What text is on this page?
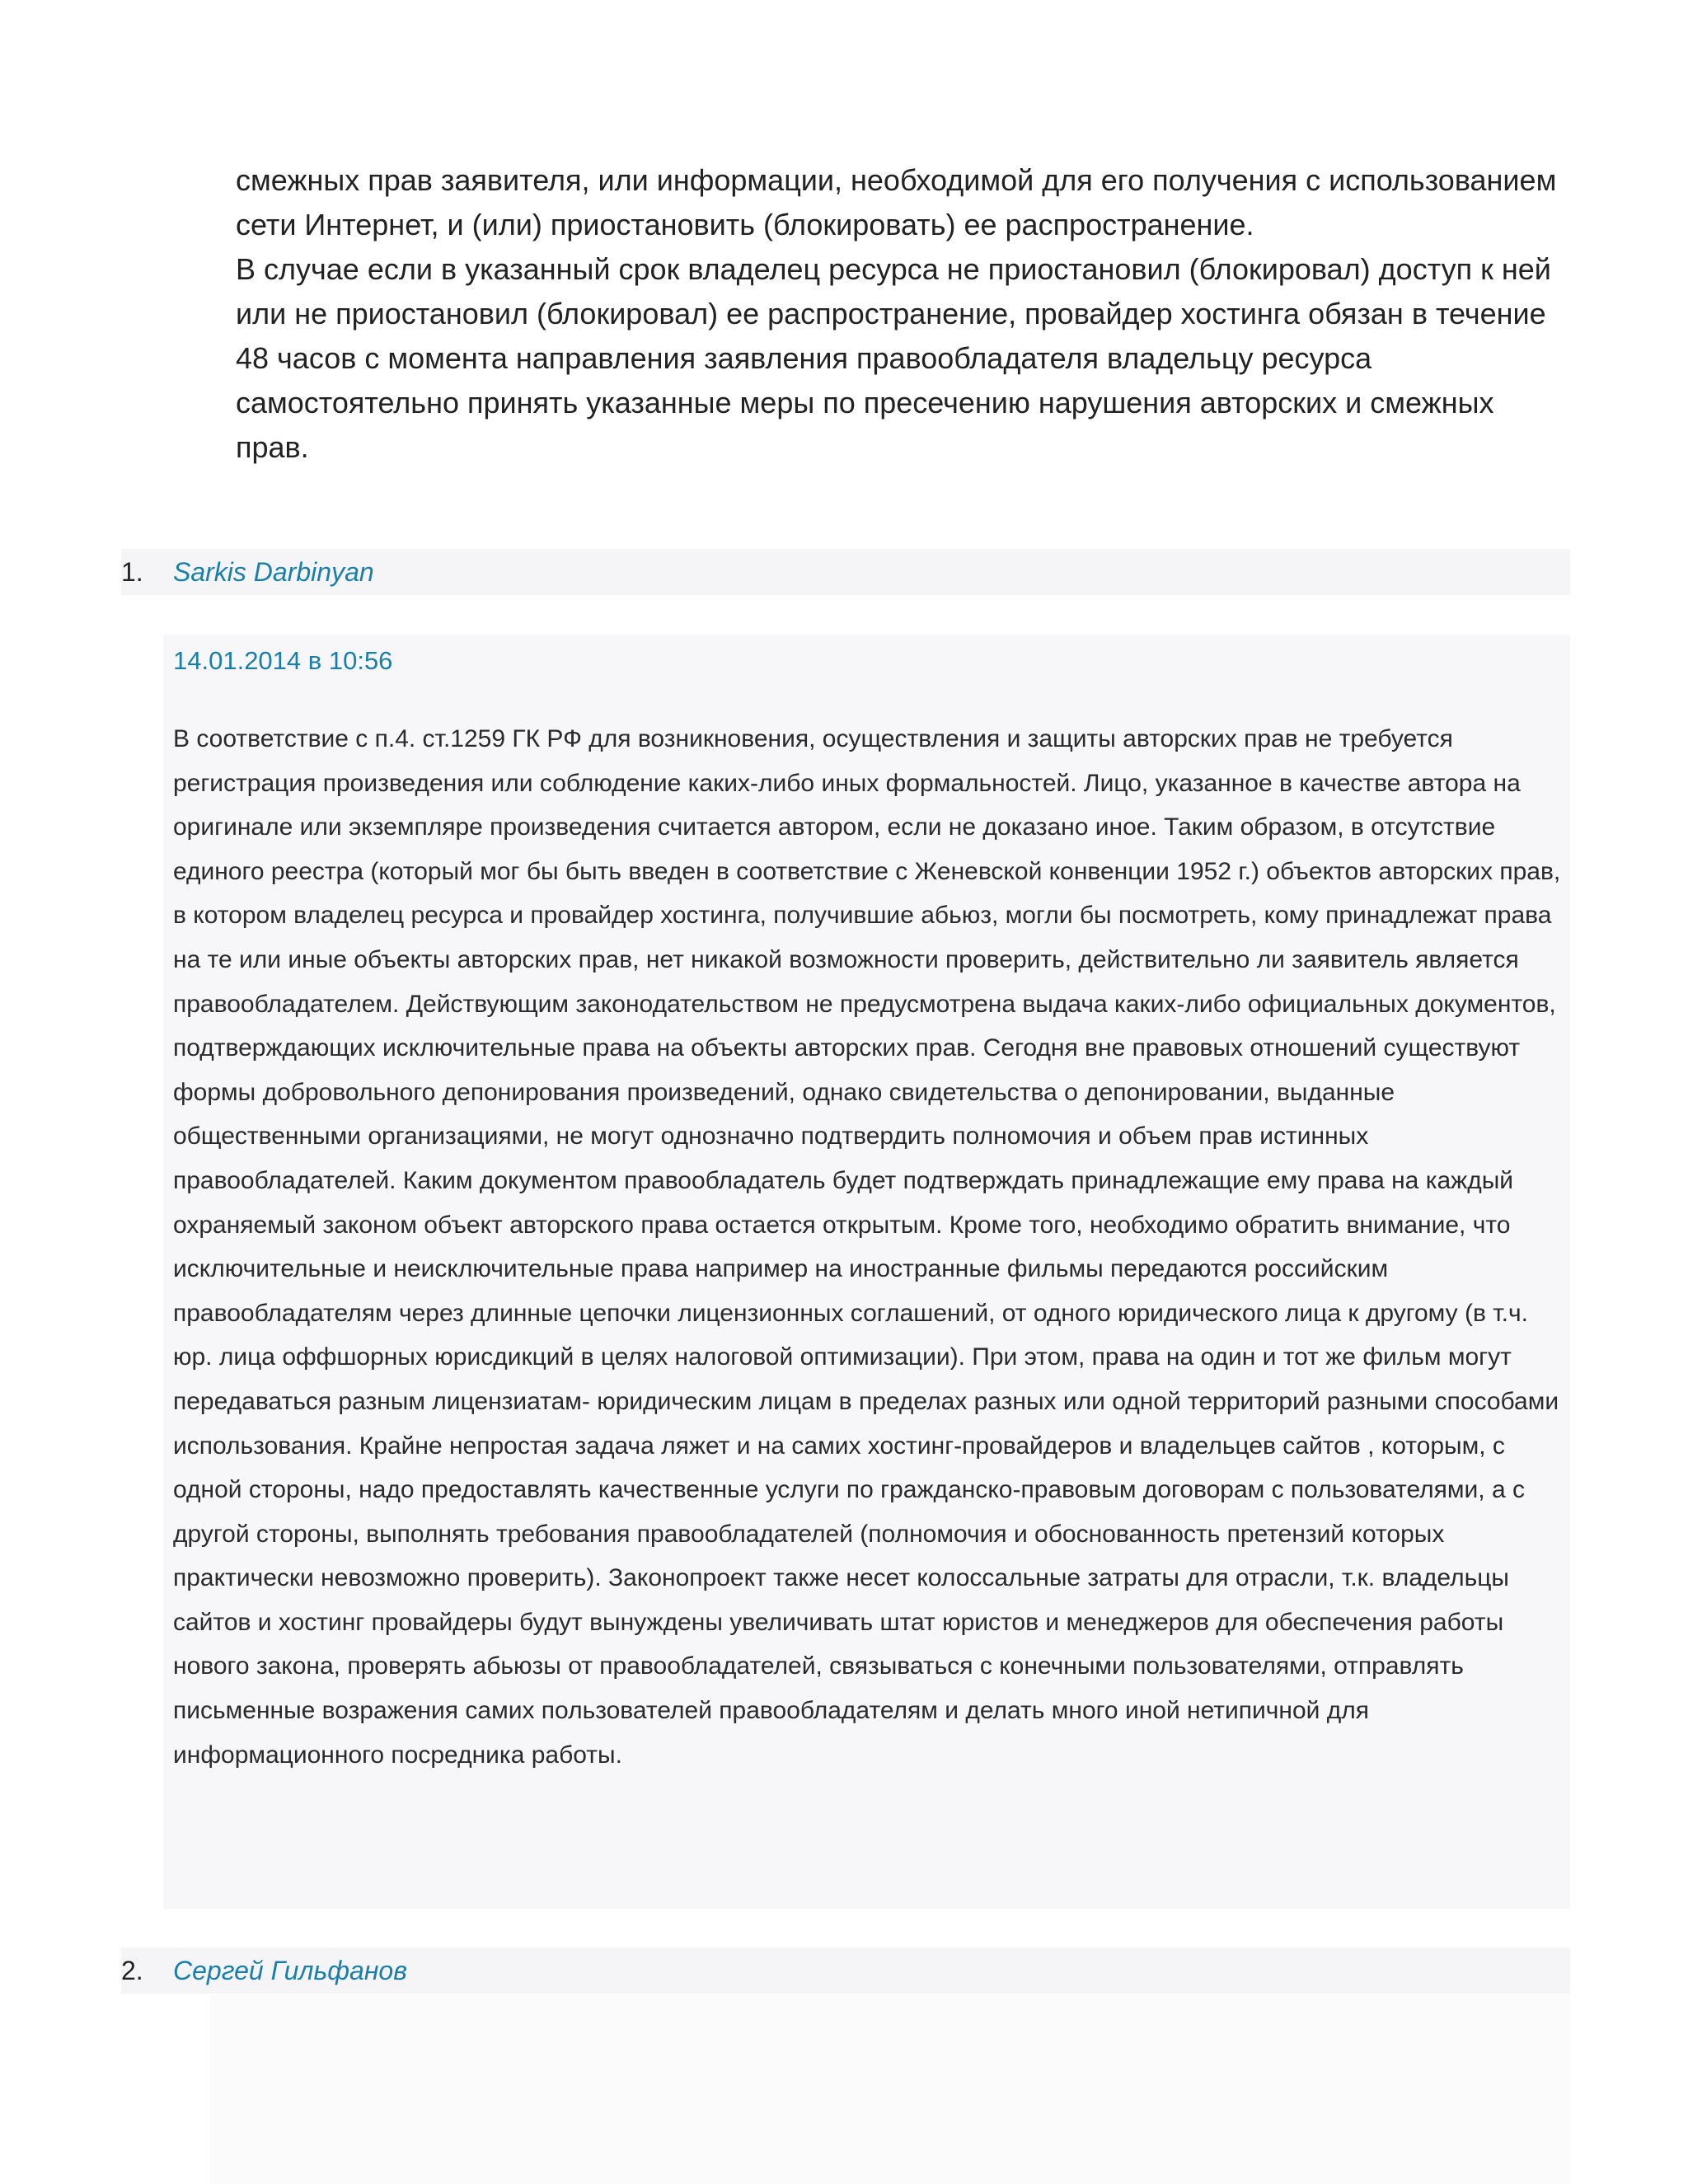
смежных прав заявителя, или информации, необходимой для его получения с использованием сети Интернет, и (или) приостановить (блокировать) ее распространение.

В случае если в указанный срок владелец ресурса не приостановил (блокировал) доступ к ней или не приостановил (блокировал) ее распространение, провайдер хостинга обязан в течение 48 часов с момента направления заявления правообладателя владельцу ресурса самостоятельно принять указанные меры по пресечению нарушения авторских и смежных прав.

1. Sarkis Darbinyan
14.01.2014 в 10:56

В соответствие с п.4. ст.1259 ГК РФ для возникновения, осуществления и защиты авторских прав не требуется регистрация произведения или соблюдение каких-либо иных формальностей. Лицо, указанное в качестве автора на оригинале или экземпляре произведения считается автором, если не доказано иное. Таким образом, в отсутствие единого реестра (который мог бы быть введен в соответствие с Женевской конвенции 1952 г.) объектов авторских прав, в котором владелец ресурса и провайдер хостинга, получившие абьюз, могли бы посмотреть, кому принадлежат права на те или иные объекты авторских прав, нет никакой возможности проверить, действительно ли заявитель является правообладателем. Действующим законодательством не предусмотрена выдача каких-либо официальных документов, подтверждающих исключительные права на объекты авторских прав. Сегодня вне правовых отношений существуют формы добровольного депонирования произведений, однако свидетельства о депонировании, выданные общественными организациями, не могут однозначно подтвердить полномочия и объем прав истинных правообладателей. Каким документом правообладатель будет подтверждать принадлежащие ему права на каждый охраняемый законом объект авторского права остается открытым. Кроме того, необходимо обратить внимание, что исключительные и неисключительные права например на иностранные фильмы передаются российским правообладателям через длинные цепочки лицензионных соглашений, от одного юридического лица к другому (в т.ч. юр. лица оффшорных юрисдикций в целях налоговой оптимизации). При этом, права на один и тот же фильм могут передаваться разным лицензиатам- юридическим лицам в пределах разных или одной территорий разными способами использования. Крайне непростая задача ляжет и на самих хостинг-провайдеров и владельцев сайтов , которым, с одной стороны, надо предоставлять качественные услуги по гражданско-правовым договорам с пользователями, а с другой стороны, выполнять требования правообладателей (полномочия и обоснованность претензий которых практически невозможно проверить). Законопроект также несет колоссальные затраты для отрасли, т.к. владельцы сайтов и хостинг провайдеры будут вынуждены увеличивать штат юристов и менеджеров для обеспечения работы нового закона, проверять абьюзы от правообладателей, связываться с конечными пользователями, отправлять письменные возражения самих пользователей правообладателям и делать много иной нетипичной для информационного посредника работы.

2. Сергей Гильфанов
